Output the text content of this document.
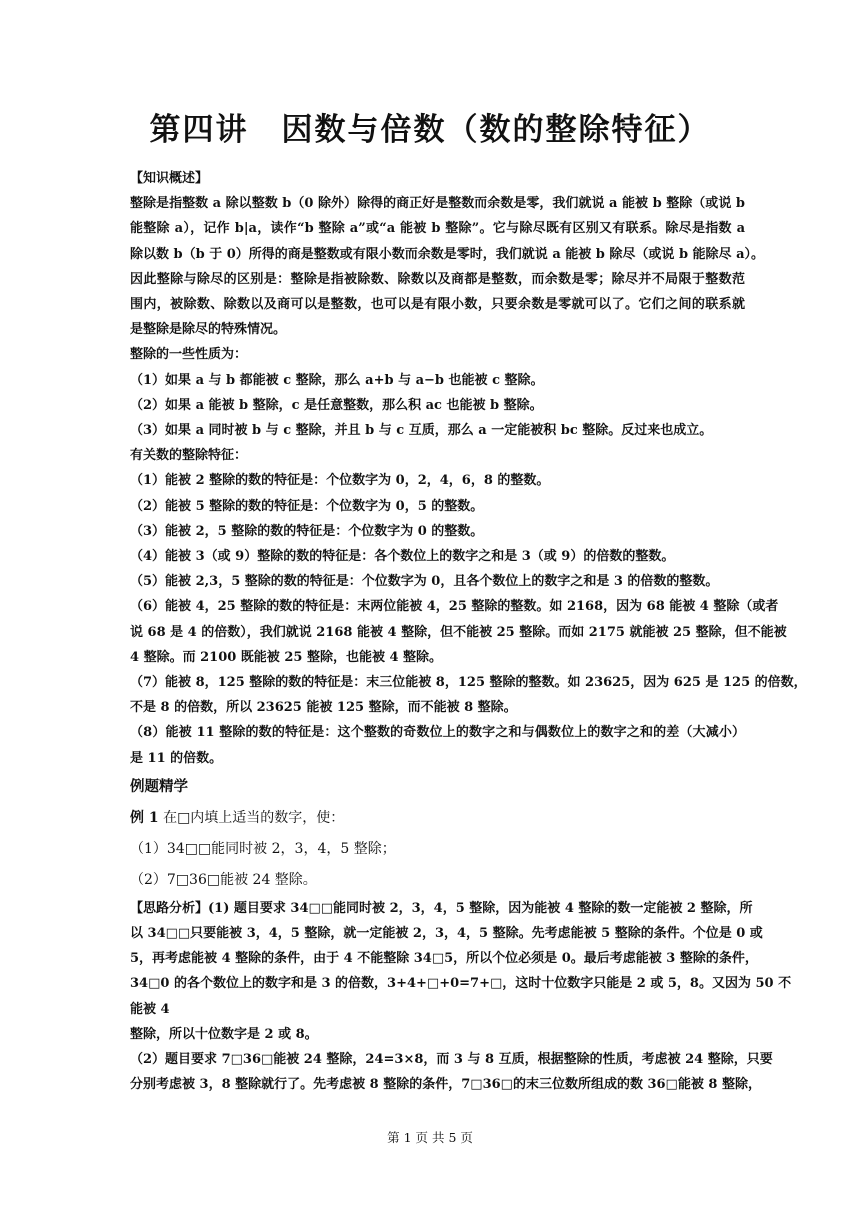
第四讲　因数与倍数（数的整除特征）
【知识概述】
整除是指整数 a 除以整数 b（0 除外）除得的商正好是整数而余数是零，我们就说 a 能被 b 整除（或说 b
能整除 a），记作 b|a，读作“b 整除 a”或“a 能被 b 整除”。它与除尽既有区别又有联系。除尽是指数 a
除以数 b（b 于 0）所得的商是整数或有限小数而余数是零时，我们就说 a 能被 b 除尽（或说 b 能除尽 a）。
因此整除与除尽的区别是：整除是指被除数、除数以及商都是整数，而余数是零；除尽并不局限于整数范
围内，被除数、除数以及商可以是整数，也可以是有限小数，只要余数是零就可以了。它们之间的联系就
是整除是除尽的特殊情况。
整除的一些性质为：
（1）如果 a 与 b 都能被 c 整除，那么 a+b 与 a−b 也能被 c 整除。
（2）如果 a 能被 b 整除，c 是任意整数，那么积 ac 也能被 b 整除。
（3）如果 a 同时被 b 与 c 整除，并且 b 与 c 互质，那么 a 一定能被积 bc 整除。反过来也成立。
有关数的整除特征：
（1）能被 2 整除的数的特征是：个位数字为 0，2，4，6，8 的整数。
（2）能被 5 整除的数的特征是：个位数字为 0，5 的整数。
（3）能被 2，5 整除的数的特征是：个位数字为 0 的整数。
（4）能被 3（或 9）整除的数的特征是：各个数位上的数字之和是 3（或 9）的倍数的整数。
（5）能被 2,3，5 整除的数的特征是：个位数字为 0，且各个数位上的数字之和是 3 的倍数的整数。
（6）能被 4，25 整除的数的特征是：末两位能被 4，25 整除的整数。如 2168，因为 68 能被 4 整除（或者
说 68 是 4 的倍数），我们就说 2168 能被 4 整除，但不能被 25 整除。而如 2175 就能被 25 整除，但不能被
4 整除。而 2100 既能被 25 整除，也能被 4 整除。
（7）能被 8，125 整除的数的特征是：末三位能被 8，125 整除的整数。如 23625，因为 625 是 125 的倍数，
不是 8 的倍数，所以 23625 能被 125 整除，而不能被 8 整除。
（8）能被 11 整除的数的特征是：这个整数的奇数位上的数字之和与偶数位上的数字之和的差（大减小）
是 11 的倍数。
例题精学
例 1 在□内填上适当的数字，使：
（1）34□□能同时被 2，3，4，5 整除；
（2）7□36□能被 24 整除。
【思路分析】(1) 题目要求 34□□能同时被 2，3，4，5 整除，因为能被 4 整除的数一定能被 2 整除，所
以 34□□只要能被 3，4，5 整除，就一定能被 2，3，4，5 整除。先考虑能被 5 整除的条件。个位是 0 或
5，再考虑能被 4 整除的条件，由于 4 不能整除 34□5，所以个位必须是 0。最后考虑能被 3 整除的条件，
34□0 的各个数位上的数字和是 3 的倍数，3+4+□+0=7+□，这时十位数字只能是 2 或 5，8。又因为 50 不
能被 4
整除，所以十位数字是 2 或 8。
（2）题目要求 7□36□能被 24 整除，24=3×8，而 3 与 8 互质，根据整除的性质，考虑被 24 整除，只要
分别考虑被 3，8 整除就行了。先考虑被 8 整除的条件，7□36□的末三位数所组成的数 36□能被 8 整除，
第 1 页 共 5 页
